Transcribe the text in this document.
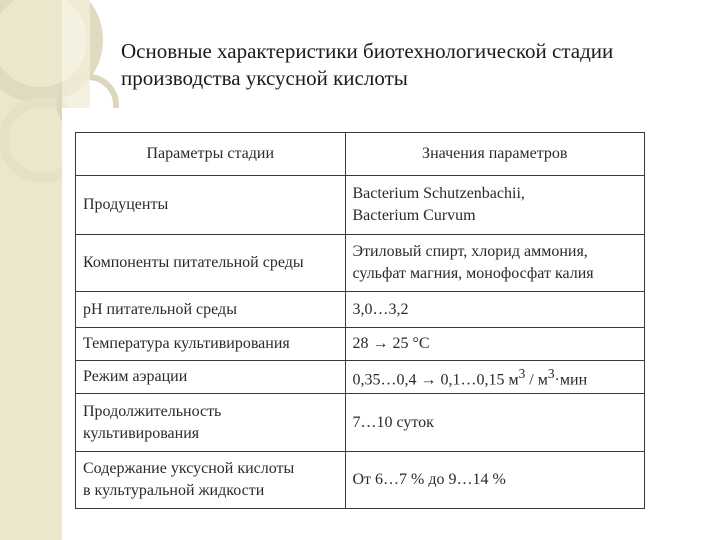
Основные характеристики биотехнологической стадии производства уксусной кислоты
Параметры стадии	Значения параметров
Продуценты	Bacterium Schutzenbachii,
Bacterium Curvum

Компоненты питательной среды	Этиловый спирт, хлорид аммония,
сульфат магния, монофосфат калия

pH питательной среды	3,0…3,2
Температура культивирования	28 → 25 °C
Режим аэрации	0,35…0,4 → 0,1…0,15 $м^3 / м^3\cdot мин$

Продолжительность
культивирования	7…10 суток

Содержание уксусной кислоты
в культуральной жидкости	От 6…7 % до 9…14 %
